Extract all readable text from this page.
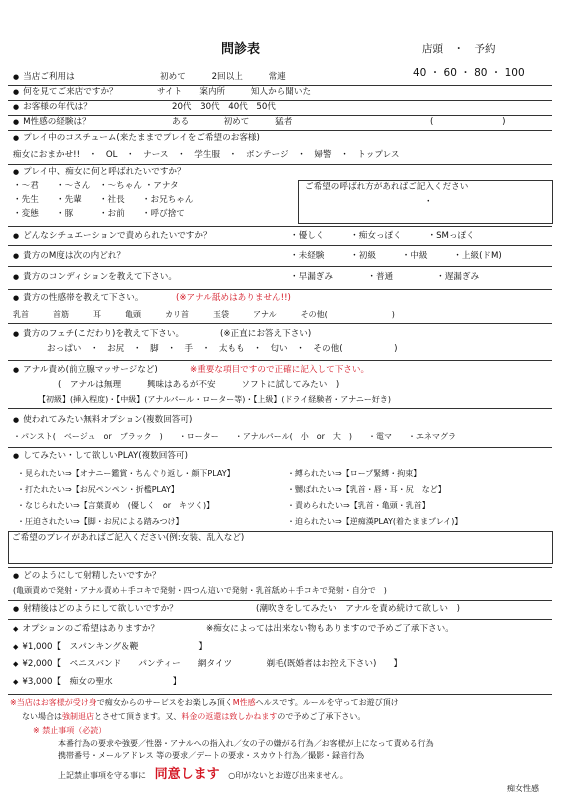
問診表	店頭　・　予約
40 ・ 60 ・ 80 ・ 100
● 当店ご利用は	初めて　　　2回以上　　　常連
● 何を見てご来店ですか？	サイト　　案内所　　　知人から聞いた
● お客様の年代は？	20代　30代　40代　50代
● M性感の経験は？	ある　　　　初めて　　　猛者	(　　　　　　　　)
● プレイ中のコスチューム(来たままでプレイをご希望のお客様)
痴女におまかせ!!　・　OL　・　ナース　・　学生服　・　ボンテージ　・　婦警　・　トップレス
● プレイ中、痴女に何と呼ばれたいですか？
・〜君　　・〜さん　・〜ちゃん ・アナタ
・先生　　・先輩　　・社長　　・お兄ちゃん
・変態　　・豚　　　・お前　　・呼び捨て
ご希望の呼ばれ方があればご記入ください
・
● どんなシチュエーションで責められたいですか？	・優しく　　　・痴女っぽく　　　・SMっぽく
● 貴方のM度は次の内どれ？	・未経験　　　・初級　　　・中級　　　・上級(ドM)
● 貴方のコンディションを教えて下さい。	・早漏ぎみ　　　　・普通　　　　　・遅漏ぎみ
● 貴方の性感帯を教えて下さい。	(※アナル舐めはありません!!)
乳首　　　首筋　　　耳　　　亀頭　　　カリ首　　　玉袋　　　アナル　　　その他(　　　　　　　　)
● 貴方のフェチ(こだわり)を教えて下さい。	(※正直にお答え下さい)
おっぱい　・　お尻　・　脚　・　手　・　太もも　・　匂い　・　その他(　　　　　　)
● アナル責め(前立腺マッサージなど)	※重要な項目ですので正確に記入して下さい。
(　アナルは無理　　　興味はあるが不安　　　ソフトに試してみたい　)
【初級】(挿入程度)・【中級】(アナルパール・ローター等)・【上級】(ドライ経験者・アナニー好き)
● 使われてみたい無料オプション(複数回答可)
・パンスト(　ベージュ　or　ブラック　)　　・ローター　　・アナルパール(　小　or　大　)　　・電マ　　・エネマグラ
● してみたい・して欲しいPLAY(複数回答可)
・見られたい⇒【オナニー鑑賞・ちんぐり返し・顔下PLAY】
・打たれたい⇒【お尻ペンペン・折檻PLAY】
・なじられたい⇒【言葉責め　(優しく　or　キツく)】
・圧迫されたい⇒【脚・お尻による踏みつけ】
・縛られたい⇒【ロープ緊縛・拘束】
・嬲ばれたい⇒【乳首・唇・耳・尻　など】
・責められたい⇒【乳首・亀頭・乳首】
・迫られたい⇒【逆痴漢PLAY(着たままプレイ)】
ご希望のプレイがあればご記入ください(例:女装、乱入など)
● どのようにして射精したいですか？
(亀頭責めで発射・アナル責め＋手コキで発射・四つん這いで発射・乳首舐め＋手コキで発射・自分で　)
● 射精後はどのようにして欲しいですか？	(潮吹きをしてみたい　アナルを責め続けて欲しい　)
◆ オプションのご希望はありますか？	※痴女によっては出来ない物もありますので予めご了承下さい。
◆ ¥1,000【　 スパンキング＆鞭　　　　　　　】
◆ ¥2,000【　 ペニスバンド　　パンティー　　網タイツ　　　　剃毛(既婚者はお控え下さい)　　】
◆ ¥3,000【　 痴女の聖水　　　　　　　】
※当店はお客様が受け身で痴女からのサービスをお楽しみ頂くM性感ヘルスです。ルールを守ってお遊び頂け
ない場合は強制退店とさせて頂きます。又、料金の返還は致しかねますので予めご了承下さい。
※ 禁止事項（必読）
本番行為の要求や強要／性器・アナルへの指入れ／女の子の嫌がる行為／お客様が上になって責める行為
携帯番号・メールアドレス 等の要求／デートの要求・スカウト行為／撮影・録音行為
上記禁止事項を守る事に　 同意します　 ○印がないとお遊び出来ません。
痴女性感
